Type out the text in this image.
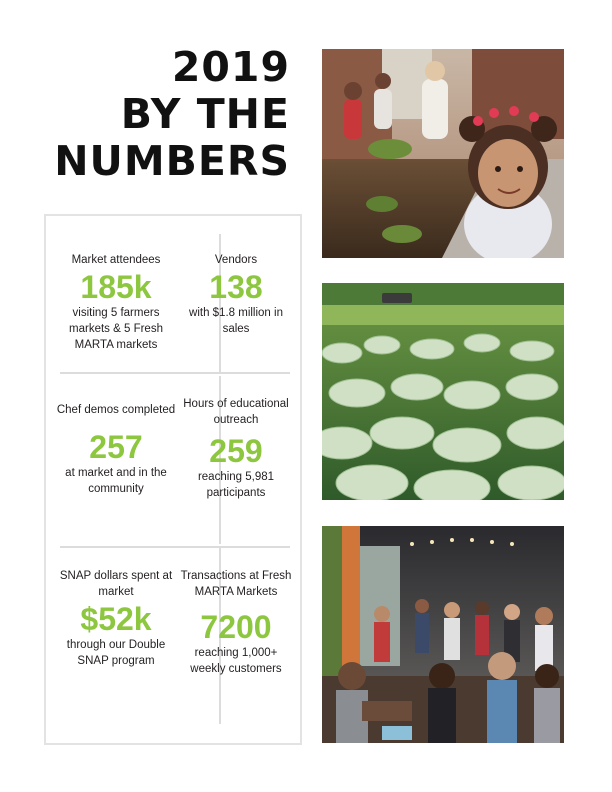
2019
BY THE
NUMBERS
Market attendees
185k
visiting 5 farmers markets & 5 Fresh MARTA markets
Vendors
138
with $1.8 million in sales
Chef demos completed
257
at market and in the community
Hours of educational outreach
259
reaching 5,981 participants
SNAP dollars spent at market
$52k
through our Double SNAP program
Transactions at Fresh MARTA Markets
7200
reaching 1,000+ weekly customers
